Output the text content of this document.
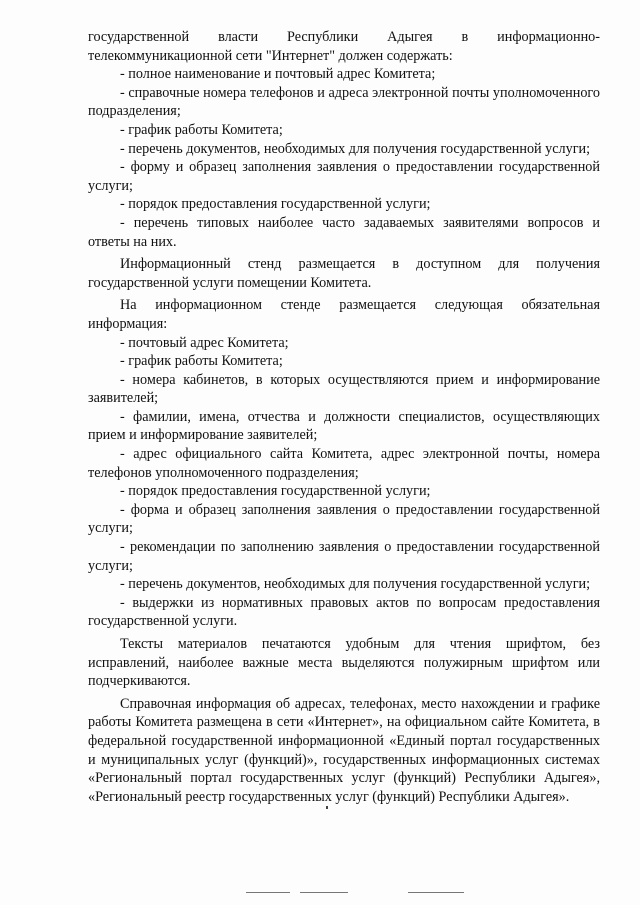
государственной власти Республики Адыгея в информационно-телекоммуникационной сети "Интернет" должен содержать:

- полное наименование и почтовый адрес Комитета;

- справочные номера телефонов и адреса электронной почты уполномоченного подразделения;

- график работы Комитета;

- перечень документов, необходимых для получения государственной услуги;

- форму и образец заполнения заявления о предоставлении государственной услуги;

- порядок предоставления государственной услуги;

- перечень типовых наиболее часто задаваемых заявителями вопросов и ответы на них.

Информационный стенд размещается в доступном для получения государственной услуги помещении Комитета.

На информационном стенде размещается следующая обязательная информация:

- почтовый адрес Комитета;

- график работы Комитета;

- номера кабинетов, в которых осуществляются прием и информирование заявителей;

- фамилии, имена, отчества и должности специалистов, осуществляющих прием и информирование заявителей;

- адрес официального сайта Комитета, адрес электронной почты, номера телефонов уполномоченного подразделения;

- порядок предоставления государственной услуги;

- форма и образец заполнения заявления о предоставлении государственной услуги;

- рекомендации по заполнению заявления о предоставлении государственной услуги;

- перечень документов, необходимых для получения государственной услуги;

- выдержки из нормативных правовых актов по вопросам предоставления государственной услуги.

Тексты материалов печатаются удобным для чтения шрифтом, без исправлений, наиболее важные места выделяются полужирным шрифтом или подчеркиваются.

Справочная информация об адресах, телефонах, место нахождении и графике работы Комитета размещена в сети «Интернет», на официальном сайте Комитета, в федеральной государственной информационной «Единый портал государственных и муниципальных услуг (функций)», государственных информационных системах «Региональный портал государственных услуг (функций) Республики Адыгея», «Региональный реестр государственных услуг (функций) Республики Адыгея».
